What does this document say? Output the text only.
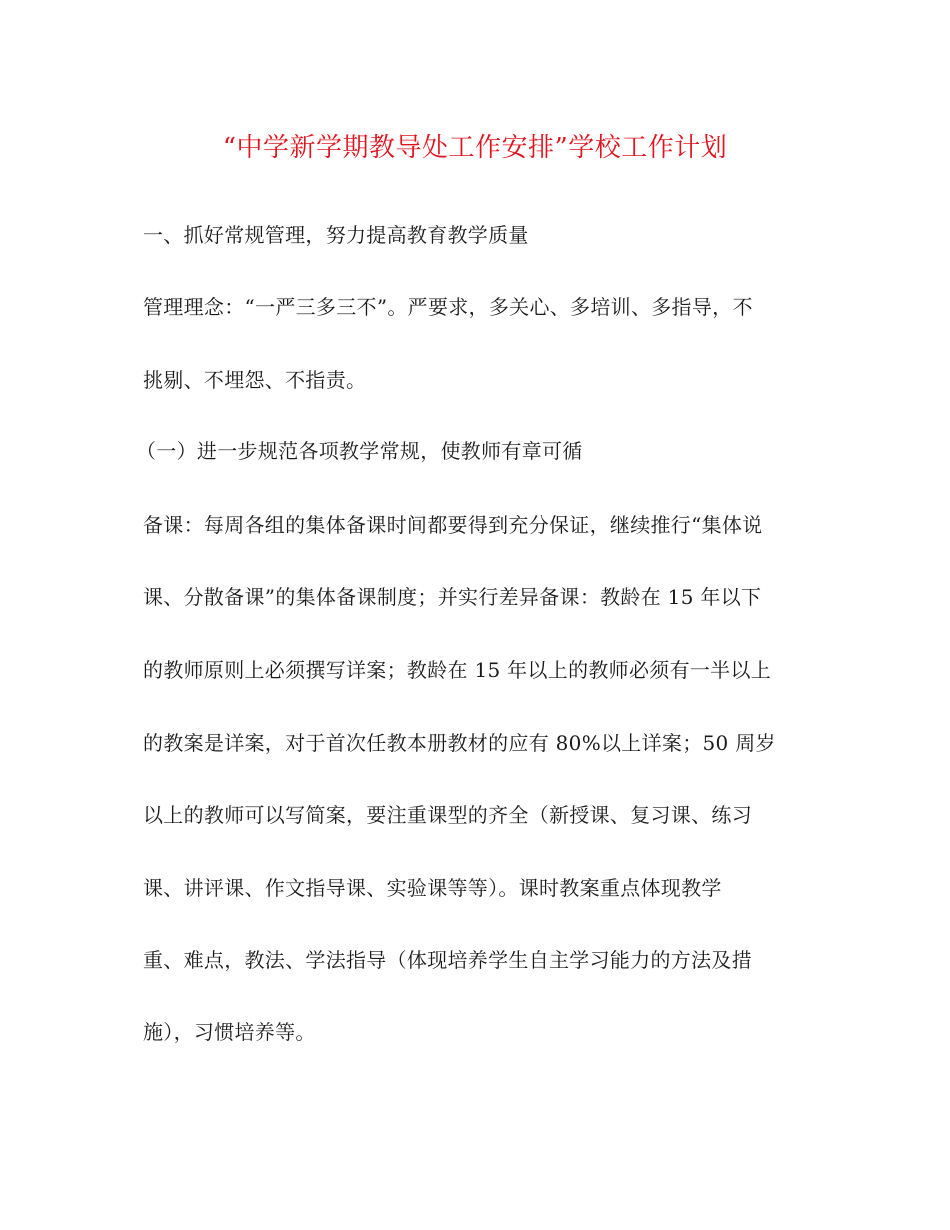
“中学新学期教导处工作安排”学校工作计划
一、抓好常规管理，努力提高教育教学质量
管理理念：“一严三多三不”。严要求，多关心、多培训、多指导，不
挑剔、不埋怨、不指责。
（一）进一步规范各项教学常规，使教师有章可循
备课：每周各组的集体备课时间都要得到充分保证，继续推行“集体说
课、分散备课”的集体备课制度；并实行差异备课：教龄在 15 年以下
的教师原则上必须撰写详案；教龄在 15 年以上的教师必须有一半以上
的教案是详案，对于首次任教本册教材的应有 80%以上详案；50 周岁
以上的教师可以写简案，要注重课型的齐全（新授课、复习课、练习
课、讲评课、作文指导课、实验课等等）。课时教案重点体现教学
重、难点，教法、学法指导（体现培养学生自主学习能力的方法及措
施），习惯培养等。
